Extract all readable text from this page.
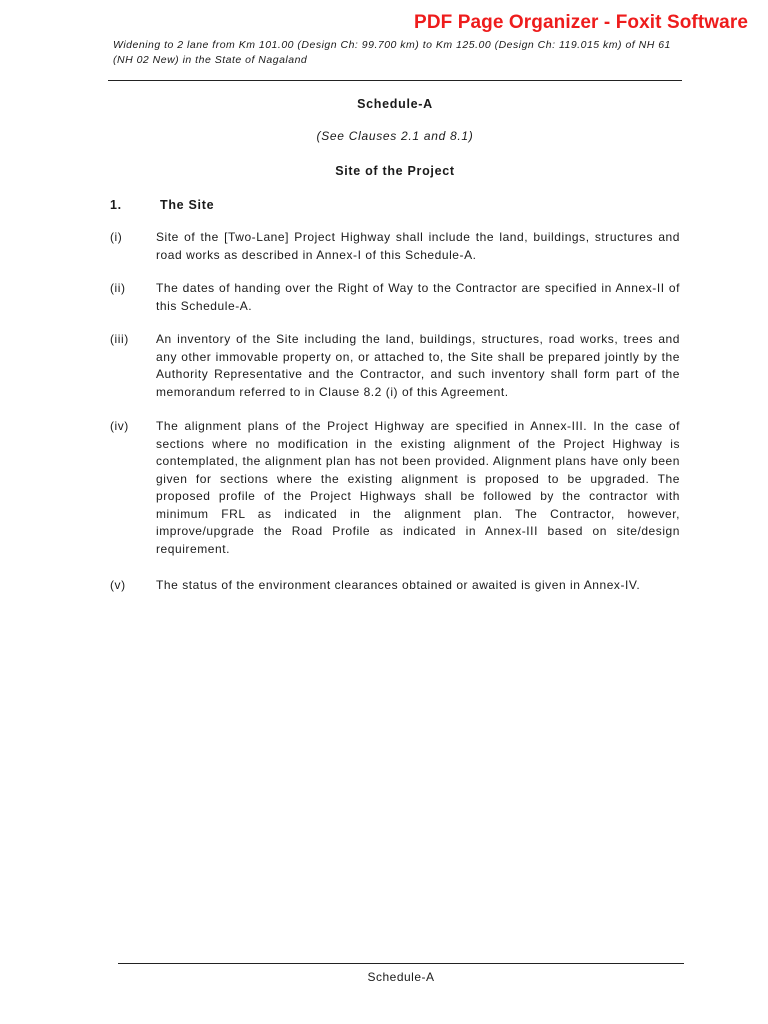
PDF Page Organizer - Foxit Software
Widening to 2 lane from Km 101.00 (Design Ch: 99.700 km) to Km 125.00 (Design Ch: 119.015 km) of NH 61 (NH 02 New) in the State of Nagaland
Schedule-A
(See Clauses 2.1 and 8.1)
Site of the Project
1.	The Site
(i)	Site of the [Two-Lane] Project Highway shall include the land, buildings, structures and road works as described in Annex-I of this Schedule-A.
(ii)	The dates of handing over the Right of Way to the Contractor are specified in Annex-II of this Schedule-A.
(iii) An inventory of the Site including the land, buildings, structures, road works, trees and any other immovable property on, or attached to, the Site shall be prepared jointly by the Authority Representative and the Contractor, and such inventory shall form part of the memorandum referred to in Clause 8.2 (i) of this Agreement.
(iv) The alignment plans of the Project Highway are specified in Annex-III. In the case of sections where no modification in the existing alignment of the Project Highway is contemplated, the alignment plan has not been provided. Alignment plans have only been given for sections where the existing alignment is proposed to be upgraded. The proposed profile of the Project Highways shall be followed by the contractor with minimum FRL as indicated in the alignment plan. The Contractor, however, improve/upgrade the Road Profile as indicated in Annex-III based on site/design requirement.
(v)	The status of the environment clearances obtained or awaited is given in Annex-IV.
Schedule-A
